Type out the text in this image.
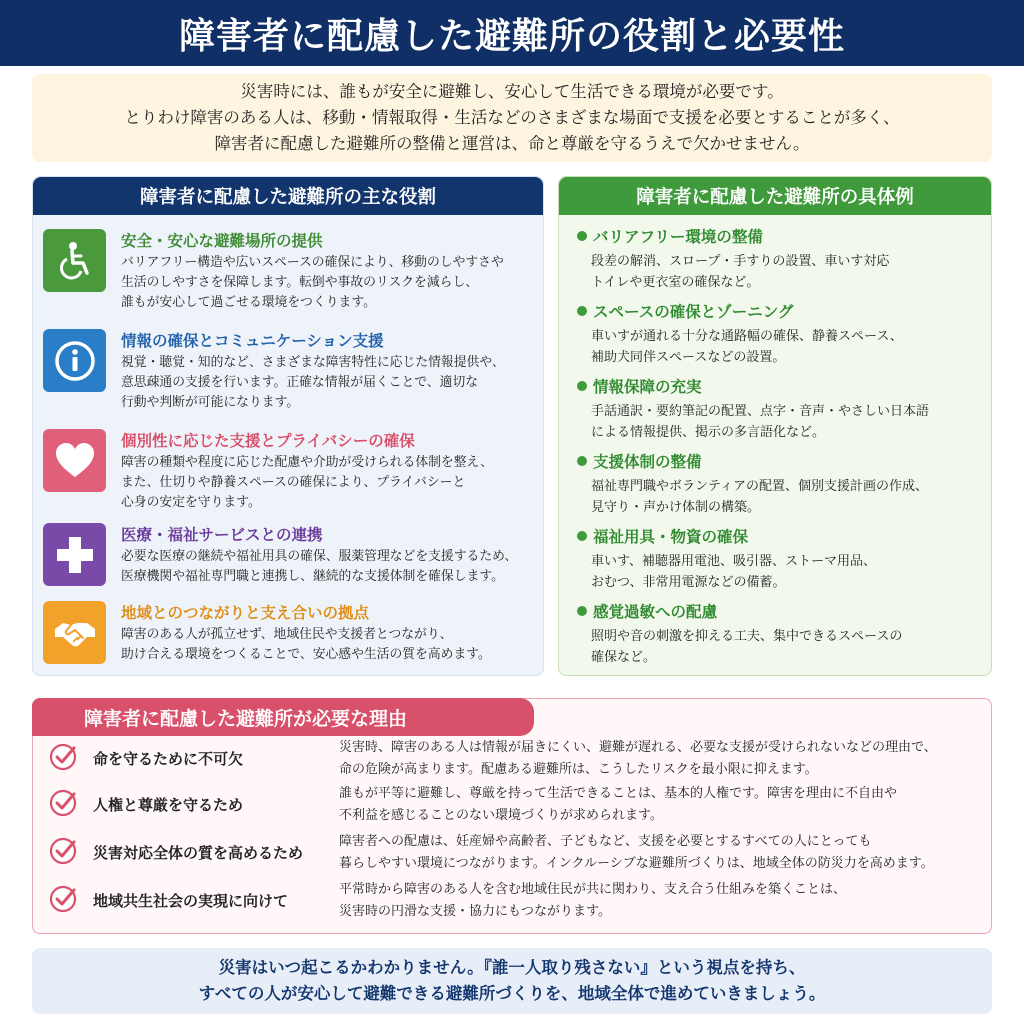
障害者に配慮した避難所の役割と必要性

災害時には、誰もが安全に避難し、安心して生活できる環境が必要です。

とりわけ障害のある人は、移動・情報取得・生活などのさまざまな場面で支援を必要とすることが多く、

障害者に配慮した避難所の整備と運営は、命と尊厳を守るうえで欠かせません。

障害者に配慮した避難所の主な役割
安全・安心な避難場所の提供
バリアフリー構造や広いスペースの確保により、移動のしやすさや
生活のしやすさを保障します。転倒や事故のリスクを減らし、
誰もが安心して過ごせる環境をつくります。
情報の確保とコミュニケーション支援
視覚・聴覚・知的など、さまざまな障害特性に応じた情報提供や、
意思疎通の支援を行います。正確な情報が届くことで、適切な
行動や判断が可能になります。
個別性に応じた支援とプライバシーの確保
障害の種類や程度に応じた配慮や介助が受けられる体制を整え、
また、仕切りや静養スペースの確保により、プライバシーと
心身の安定を守ります。
医療・福祉サービスとの連携
必要な医療の継続や福祉用具の確保、服薬管理などを支援するため、
医療機関や福祉専門職と連携し、継続的な支援体制を確保します。
地域とのつながりと支え合いの拠点
障害のある人が孤立せず、地域住民や支援者とつながり、
助け合える環境をつくることで、安心感や生活の質を高めます。
障害者に配慮した避難所の具体例
バリアフリー環境の整備
段差の解消、スロープ・手すりの設置、車いす対応
トイレや更衣室の確保など。
スペースの確保とゾーニング
車いすが通れる十分な通路幅の確保、静養スペース、
補助犬同伴スペースなどの設置。
情報保障の充実
手話通訳・要約筆記の配置、点字・音声・やさしい日本語
による情報提供、掲示の多言語化など。
支援体制の整備
福祉専門職やボランティアの配置、個別支援計画の作成、
見守り・声かけ体制の構築。
福祉用具・物資の確保
車いす、補聴器用電池、吸引器、ストーマ用品、
おむつ、非常用電源などの備蓄。
感覚過敏への配慮
照明や音の刺激を抑える工夫、集中できるスペースの
確保など。
障害者に配慮した避難所が必要な理由
命を守るために不可欠
災害時、障害のある人は情報が届きにくい、避難が遅れる、必要な支援が受けられないなどの理由で、
命の危険が高まります。配慮ある避難所は、こうしたリスクを最小限に抑えます。
人権と尊厳を守るため
誰もが平等に避難し、尊厳を持って生活できることは、基本的人権です。障害を理由に不自由や
不利益を感じることのない環境づくりが求められます。
災害対応全体の質を高めるため
障害者への配慮は、妊産婦や高齢者、子どもなど、支援を必要とするすべての人にとっても
暮らしやすい環境につながります。インクルーシブな避難所づくりは、地域全体の防災力を高めます。
地域共生社会の実現に向けて
平常時から障害のある人を含む地域住民が共に関わり、支え合う仕組みを築くことは、
災害時の円滑な支援・協力にもつながります。

災害はいつ起こるかわかりません。『誰一人取り残さない』という視点を持ち、

すべての人が安心して避難できる避難所づくりを、地域全体で進めていきましょう。
